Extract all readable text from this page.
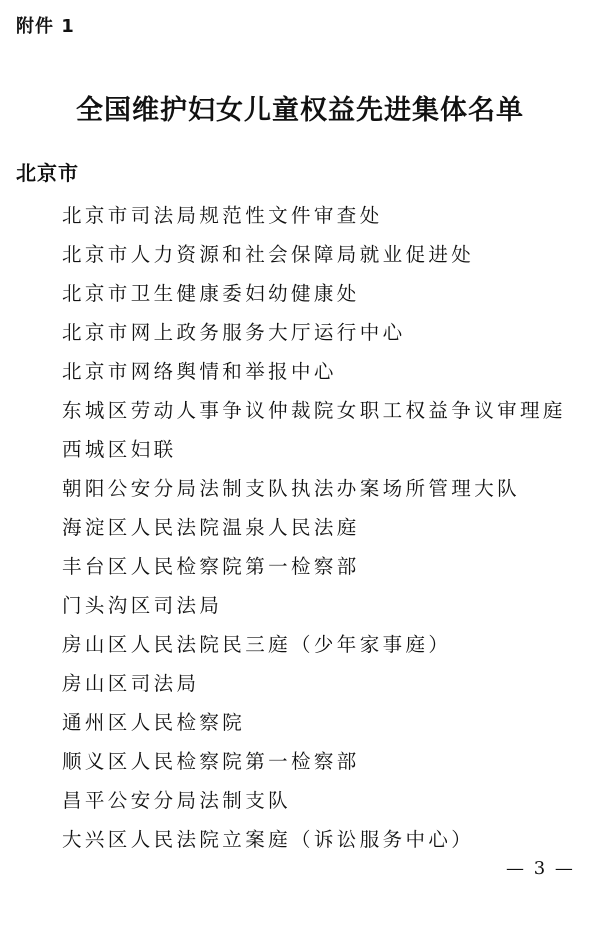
附件 1
全国维护妇女儿童权益先进集体名单
北京市
北京市司法局规范性文件审查处
北京市人力资源和社会保障局就业促进处
北京市卫生健康委妇幼健康处
北京市网上政务服务大厅运行中心
北京市网络舆情和举报中心
东城区劳动人事争议仲裁院女职工权益争议审理庭
西城区妇联
朝阳公安分局法制支队执法办案场所管理大队
海淀区人民法院温泉人民法庭
丰台区人民检察院第一检察部
门头沟区司法局
房山区人民法院民三庭（少年家事庭）
房山区司法局
通州区人民检察院
顺义区人民检察院第一检察部
昌平公安分局法制支队
大兴区人民法院立案庭（诉讼服务中心）
— 3 —
